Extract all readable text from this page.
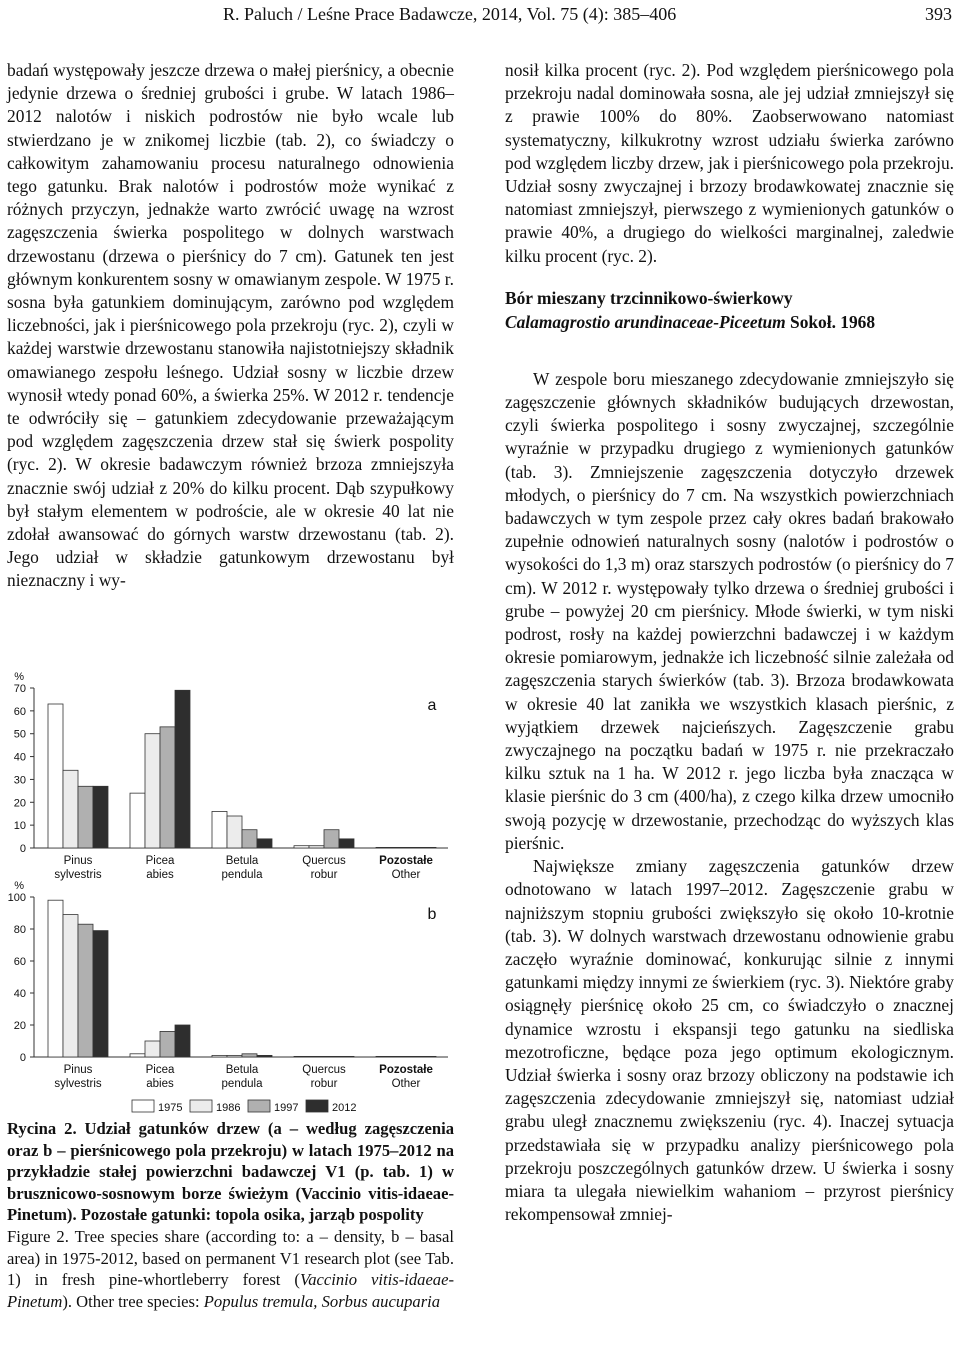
R. Paluch / Leśne Prace Badawcze, 2014, Vol. 75 (4): 385–406	393

badań występowały jeszcze drzewa o małej pierśnicy, a obecnie jedynie drzewa o średniej grubości i grube. W latach 1986–2012 nalotów i niskich podrostów nie było wcale lub stwierdzano je w znikomej liczbie (tab. 2), co świadczy o całkowitym zahamowaniu procesu naturalnego odnowienia tego gatunku. Brak nalotów i podrostów może wynikać z różnych przyczyn, jednakże warto zwrócić uwagę na wzrost zagęszczenia świerka pospolitego w dolnych warstwach drzewostanu (drzewa o pierśnicy do 7 cm). Gatunek ten jest głównym konkurentem sosny w omawianym zespole. W 1975 r. sosna była gatunkiem dominującym, zarówno pod względem liczebności, jak i pierśnicowego pola przekroju (ryc. 2), czyli w każdej warstwie drzewostanu stanowiła najistotniejszy składnik omawianego zespołu leśnego. Udział sosny w liczbie drzew wynosił wtedy ponad 60%, a świerka 25%. W 2012 r. tendencje te odwróciły się – gatunkiem zdecydowanie przeważającym pod względem zagęszczenia drzew stał się świerk pospolity (ryc. 2). W okresie badawczym również brzoza zmniejszyła znacznie swój udział z 20% do kilku procent. Dąb szypułkowy był stałym elementem w podroście, ale w okresie 40 lat nie zdołał awansować do górnych warstw drzewostanu (tab. 2). Jego udział w składzie gatunkowym drzewostanu był nieznaczny i wy-

%
0
10
20
30
40
50
60
70
a
Pinus
sylvestris
Picea
abies
Betula
pendula
Quercus
robur
Pozostałe
Other
%
0
20
40
60
80
100
b
Pinus
sylvestris
Picea
abies
Betula
pendula
Quercus
robur
Pozostałe
Other
1975	1986	1997	2012

Rycina 2. Udział gatunków drzew (a – według zagęszczenia oraz b – pierśnicowego pola przekroju) w latach 1975–2012 na przykładzie stałej powierzchni badawczej V1 (p. tab. 1) w brusznicowo-sosnowym borze świeżym (Vaccinio vitis-idaeae-Pinetum). Pozostałe gatunki: topola osika, jarząb pospolity

Figure 2. Tree species share (according to: a – density, b – basal area) in 1975-2012, based on permanent V1 research plot (see Tab. 1) in fresh pine-whortleberry forest (Vaccinio vitis-idaeae-Pinetum). Other tree species: Populus tremula, Sorbus aucuparia

nosił kilka procent (ryc. 2). Pod względem pierśnicowego pola przekroju nadal dominowała sosna, ale jej udział zmniejszył się z prawie 100% do 80%. Zaobserwowano natomiast systematyczny, kilkukrotny wzrost udziału świerka zarówno pod względem liczby drzew, jak i pierśnicowego pola przekroju. Udział sosny zwyczajnej i brzozy brodawkowatej znacznie się natomiast zmniejszył, pierwszego z wymienionych gatunków o prawie 40%, a drugiego do wielkości marginalnej, zaledwie kilku procent (ryc. 2).

Bór mieszany trzcinnikowo-świerkowy
Calamagrostio arundinaceae-Piceetum Sokoł. 1968

W zespole boru mieszanego zdecydowanie zmniejszyło się zagęszczenie głównych składników budujących drzewostan, czyli świerka pospolitego i sosny zwyczajnej, szczególnie wyraźnie w przypadku drugiego z wymienionych gatunków (tab. 3). Zmniejszenie zagęszczenia dotyczyło drzewek młodych, o pierśnicy do 7 cm. Na wszystkich powierzchniach badawczych w tym zespole przez cały okres badań brakowało zupełnie odnowień naturalnych sosny (nalotów i podrostów o wysokości do 1,3 m) oraz starszych podrostów (o pierśnicy do 7 cm). W 2012 r. występowały tylko drzewa o średniej grubości i grube – powyżej 20 cm pierśnicy. Młode świerki, w tym niski podrost, rosły na każdej powierzchni badawczej i w każdym okresie pomiarowym, jednakże ich liczebność silnie zależała od zagęszczenia starych świerków (tab. 3). Brzoza brodawkowata w okresie 40 lat zanikła we wszystkich klasach pierśnic, z wyjątkiem drzewek najcieńszych. Zagęszczenie grabu zwyczajnego na początku badań w 1975 r. nie przekraczało kilku sztuk na 1 ha. W 2012 r. jego liczba była znacząca w klasie pierśnic do 3 cm (400/ha), z czego kilka drzew umocniło swoją pozycję w drzewostanie, przechodząc do wyższych klas pierśnic.

Największe zmiany zagęszczenia gatunków drzew odnotowano w latach 1997–2012. Zagęszczenie grabu w najniższym stopniu grubości zwiększyło się około 10-krotnie (tab. 3). W dolnych warstwach drzewostanu odnowienie grabu zaczęło wyraźnie dominować, konkurując silnie z innymi gatunkami między innymi ze świerkiem (ryc. 3). Niektóre graby osiągnęły pierśnicę około 25 cm, co świadczyło o znacznej dynamice wzrostu i ekspansji tego gatunku na siedliska mezotroficzne, będące poza jego optimum ekologicznym. Udział świerka i sosny oraz brzozy obliczony na podstawie ich zagęszczenia zdecydowanie zmniejszył się, natomiast udział grabu uległ znacznemu zwiększeniu (ryc. 4). Inaczej sytuacja przedstawiała się w przypadku analizy pierśnicowego pola przekroju poszczególnych gatunków drzew. U świerka i sosny miara ta ulegała niewielkim wahaniom – przyrost pierśnicy rekompensował zmniej-
